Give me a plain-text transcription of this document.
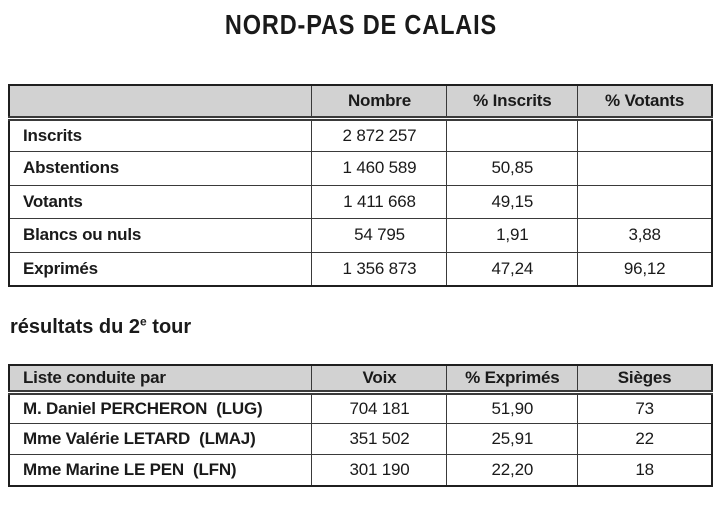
NORD-PAS DE CALAIS
	Nombre	% Inscrits	% Votants
Inscrits	2 872 257		
Abstentions	1 460 589	50,85	
Votants	1 411 668	49,15	
Blancs ou nuls	54 795	1,91	3,88
Exprimés	1 356 873	47,24	96,12
résultats du 2e tour
Liste conduite par	Voix	% Exprimés	Sièges
M. Daniel PERCHERON  (LUG)	704 181	51,90	73
Mme Valérie LETARD  (LMAJ)	351 502	25,91	22
Mme Marine LE PEN  (LFN)	301 190	22,20	18
